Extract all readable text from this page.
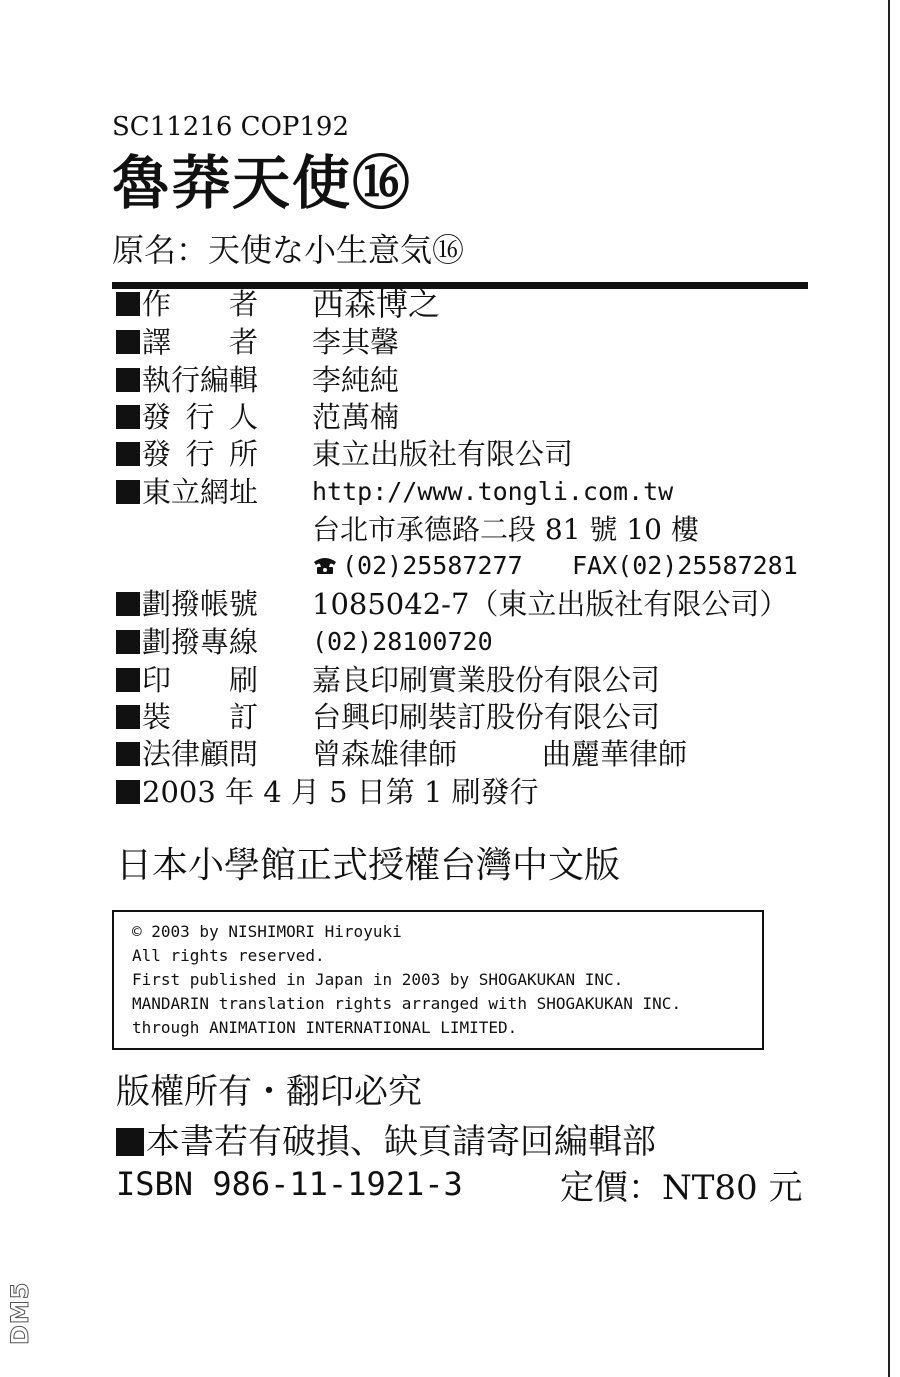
SC11216 COP192
魯莽天使⑯
原名：天使な小生意気⑯
作　者 西森博之
譯　者 李其馨
執行編輯 李純純
發行人 范萬楠
發行所 東立出版社有限公司
東立網址 http://www.tongli.com.tw
台北市承德路二段 81 號 10 樓
(02)25587277 FAX(02)25587281
劃撥帳號 1085042-7（東立出版社有限公司）
劃撥專線 (02)28100720
印　刷 嘉良印刷實業股份有限公司
裝　訂 台興印刷裝訂股份有限公司
法律顧問 曾森雄律師	曲麗華律師
2003 年 4 月 5 日第 1 刷發行
日本小學館正式授權台灣中文版
© 2003 by NISHIMORI Hiroyuki
All rights reserved.
First published in Japan in 2003 by SHOGAKUKAN INC.
MANDARIN translation rights arranged with SHOGAKUKAN INC.
through ANIMATION INTERNATIONAL LIMITED.
版權所有・翻印必究
本書若有破損、缺頁請寄回編輯部
ISBN 986-11-1921-3	定價：NT80 元
DM5
